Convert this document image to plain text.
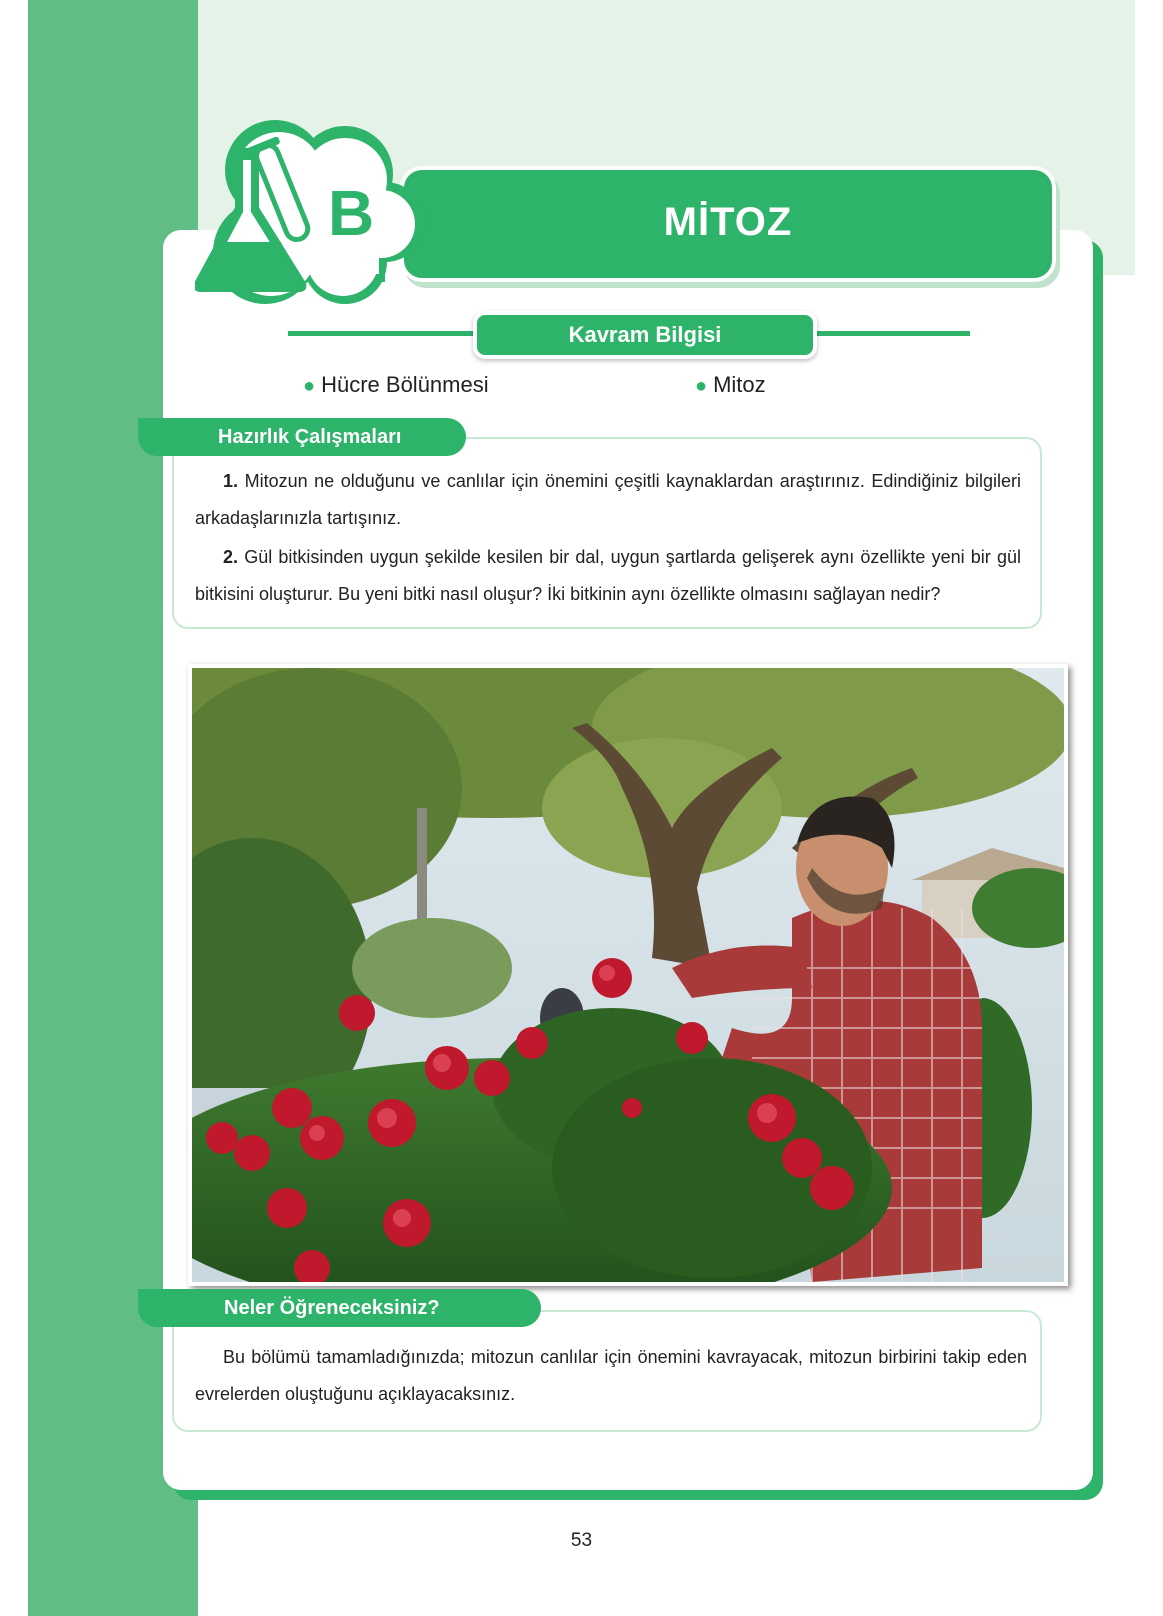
MİTOZ
B
Kavram Bilgisi
● Hücre Bölünmesi	● Mitoz
Hazırlık Çalışmaları
1. Mitozun ne olduğunu ve canlılar için önemini çeşitli kaynaklardan araştırınız. Edindiğiniz bilgileri arkadaşlarınızla tartışınız.
2. Gül bitkisinden uygun şekilde kesilen bir dal, uygun şartlarda gelişerek aynı özellikte yeni bir gül bitkisini oluşturur. Bu yeni bitki nasıl oluşur? İki bitkinin aynı özellikte olmasını sağlayan nedir?
Neler Öğreneceksiniz?
Bu bölümü tamamladığınızda; mitozun canlılar için önemini kavrayacak, mitozun birbirini takip eden evrelerden oluştuğunu açıklayacaksınız.
53
